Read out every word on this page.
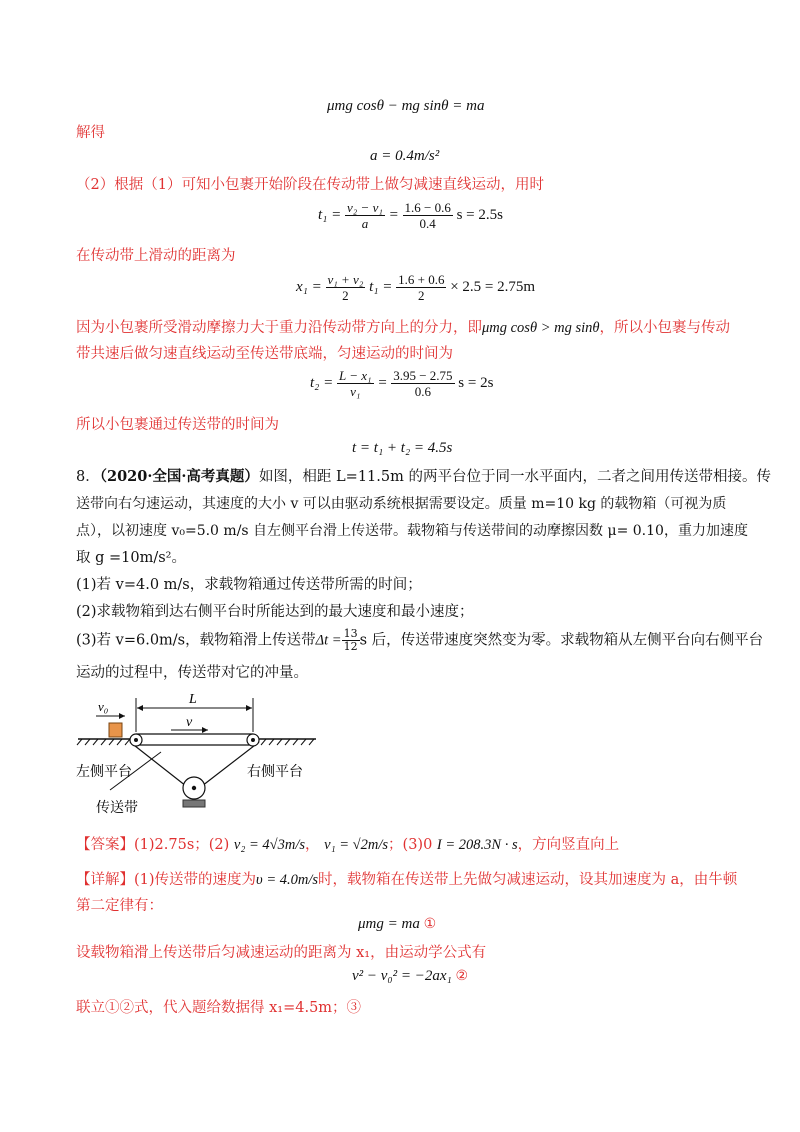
μmg cosθ − mg sinθ = ma
解得
a = 0.4m/s²
（2）根据（1）可知小包裹开始阶段在传动带上做匀减速直线运动，用时
$t_1 = \frac{\text{v₂ − v₁}}{a} = \frac{1.6 - 0.6}{0.4}$ s = 2.5s
在传动带上滑动的距离为
$x_1 = \frac{\text{v₁ + v₂}}{2} t_1 = \frac{1.6 + 0.6}{2} \times 2.5 = 2.75m$
因为小包裹所受滑动摩擦力大于重力沿传动带方向上的分力，即μmg cosθ > mg sinθ，所以小包裹与传动
带共速后做匀速直线运动至传送带底端，匀速运动的时间为
$t_2 = \frac{\text{L − x₁}}{\text{v₁}} = \frac{3.95 - 2.75}{0.6}$ s = 2s
所以小包裹通过传送带的时间为
t = t₁ + t₂ = 4.5s
8．（2020·全国·高考真题）如图，相距 L=11.5m 的两平台位于同一水平面内，二者之间用传送带相接。传
送带向右匀速运动，其速度的大小 v 可以由驱动系统根据需要设定。质量 m=10 kg 的载物箱（可视为质
点），以初速度 v₀=5.0 m/s 自左侧平台滑上传送带。载物箱与传送带间的动摩擦因数 μ= 0.10，重力加速度
取 g =10m/s²。
(1)若 v=4.0 m/s，求载物箱通过传送带所需的时间；
(2)求载物箱到达右侧平台时所能达到的最大速度和最小速度；
(3)若 v=6.0m/s，载物箱滑上传送带$\Delta t = \frac{13}{12}$ s 后，传送带速度突然变为零。求载物箱从左侧平台向右侧平台
运动的过程中，传送带对它的冲量。
v₀	L
v
左侧平台	右侧平台
传送带
【答案】(1)2.75s；(2) v₂ = 4√3m/s， v₁ = √2m/s；(3)0 I = 208.3N · s，方向竖直向上
【详解】(1)传送带的速度为υ = 4.0m/s时，载物箱在传送带上先做匀减速运动，设其加速度为 a，由牛顿
第二定律有：
μmg = ma ①
设载物箱滑上传送带后匀减速运动的距离为 x₁，由运动学公式有
v² − v₀² = −2ax₁ ②
联立①②式，代入题给数据得 x₁=4.5m；③
